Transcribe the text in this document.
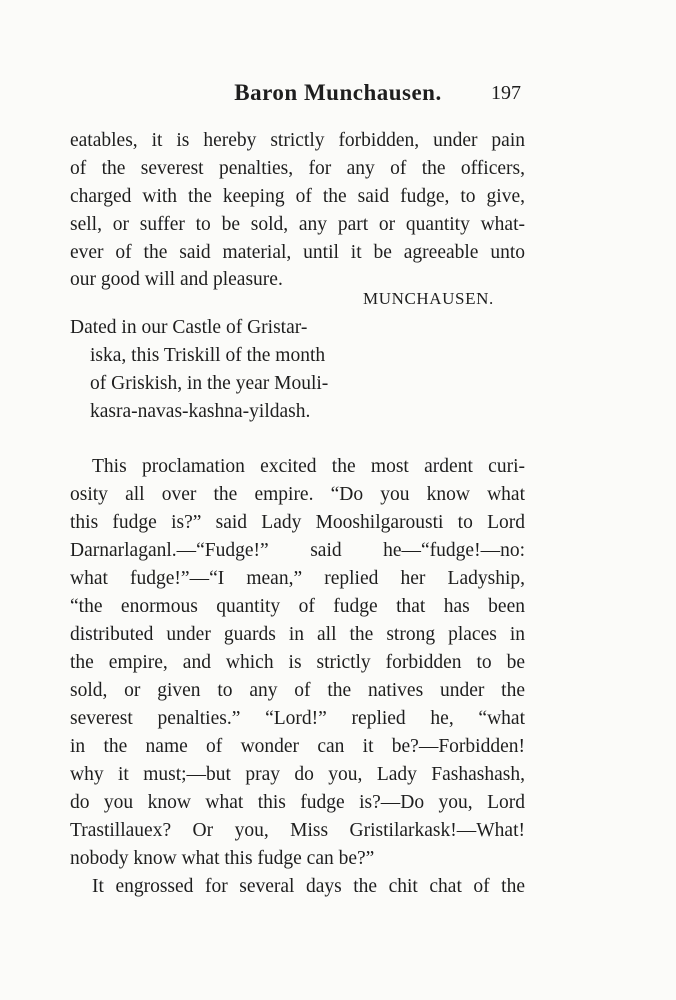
Baron Munchausen.	197
eatables, it is hereby strictly forbidden, under pain
of the severest penalties, for any of the officers,
charged with the keeping of the said fudge, to give,
sell, or suffer to be sold, any part or quantity what-
ever of the said material, until it be agreeable unto
our good will and pleasure.
MUNCHAUSEN.
Dated in our Castle of Gristar-
iska, this Triskill of the month
of Griskish, in the year Mouli-
kasra-navas-kashna-yildash.
This proclamation excited the most ardent curi-
osity all over the empire. “Do you know what
this fudge is?” said Lady Mooshilgarousti to Lord
Darnarlaganl.—“Fudge!” said he—“fudge!—no:
what fudge!”—“I mean,” replied her Ladyship,
“the enormous quantity of fudge that has been
distributed under guards in all the strong places in
the empire, and which is strictly forbidden to be
sold, or given to any of the natives under the
severest penalties.” “Lord!” replied he, “what
in the name of wonder can it be?—Forbidden!
why it must;—but pray do you, Lady Fashashash,
do you know what this fudge is?—Do you, Lord
Trastillauex? Or you, Miss Gristilarkask!—What!
nobody know what this fudge can be?”
It engrossed for several days the chit chat of the
